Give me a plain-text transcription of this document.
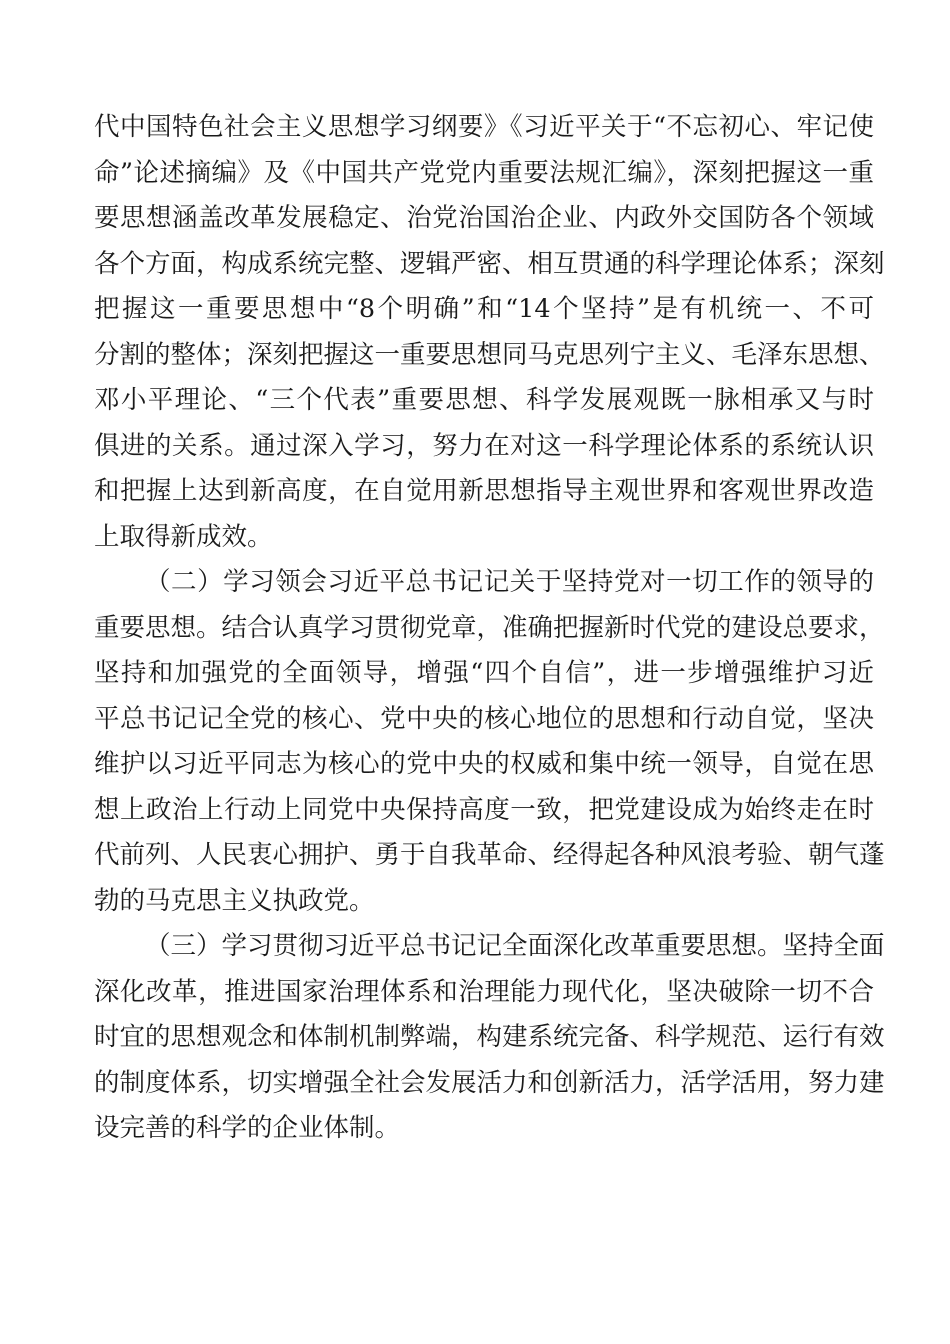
代中国特色社会主义思想学习纲要》《习近平关于“不忘初心、牢记使
命”论述摘编》及《中国共产党党内重要法规汇编》，深刻把握这一重
要思想涵盖改革发展稳定、治党治国治企业、内政外交国防各个领域
各个方面，构成系统完整、逻辑严密、相互贯通的科学理论体系；深刻
把握这一重要思想中“8个明确”和“14个坚持”是有机统一、不可
分割的整体；深刻把握这一重要思想同马克思列宁主义、毛泽东思想、
邓小平理论、“三个代表”重要思想、科学发展观既一脉相承又与时
俱进的关系。通过深入学习，努力在对这一科学理论体系的系统认识
和把握上达到新高度，在自觉用新思想指导主观世界和客观世界改造
上取得新成效。
（二）学习领会习近平总书记记关于坚持党对一切工作的领导的
重要思想。结合认真学习贯彻党章，准确把握新时代党的建设总要求，
坚持和加强党的全面领导，增强“四个自信”，进一步增强维护习近
平总书记记全党的核心、党中央的核心地位的思想和行动自觉，坚决
维护以习近平同志为核心的党中央的权威和集中统一领导，自觉在思
想上政治上行动上同党中央保持高度一致，把党建设成为始终走在时
代前列、人民衷心拥护、勇于自我革命、经得起各种风浪考验、朝气蓬
勃的马克思主义执政党。
（三）学习贯彻习近平总书记记全面深化改革重要思想。坚持全面
深化改革，推进国家治理体系和治理能力现代化，坚决破除一切不合
时宜的思想观念和体制机制弊端，构建系统完备、科学规范、运行有效
的制度体系，切实增强全社会发展活力和创新活力，活学活用，努力建
设完善的科学的企业体制。
